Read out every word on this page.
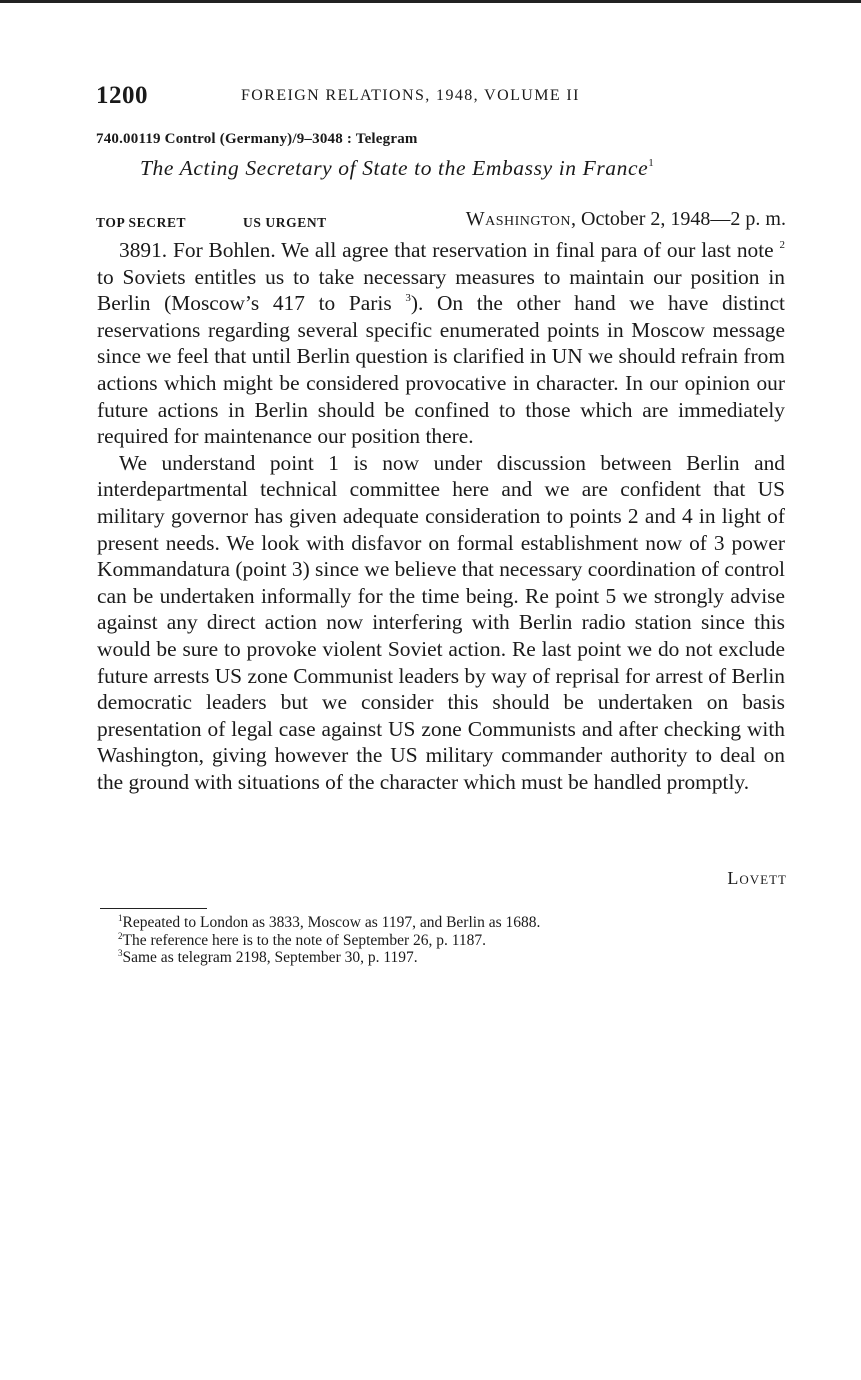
1200	FOREIGN RELATIONS, 1948, VOLUME II
740.00119 Control (Germany)/9–3048 : Telegram
The Acting Secretary of State to the Embassy in France$^1$
TOP SECRET	US URGENT	Washington, October 2, 1948—2 p. m.

3891. For Bohlen. We all agree that reservation in final para of our last note $^2$ to Soviets entitles us to take necessary measures to maintain our position in Berlin (Moscow’s 417 to Paris $^3$). On the other hand we have distinct reservations regarding several specific enumerated points in Moscow message since we feel that until Berlin question is clarified in UN we should refrain from actions which might be considered provocative in character. In our opinion our future actions in Berlin should be confined to those which are immediately required for maintenance our position there.

We understand point 1 is now under discussion between Berlin and interdepartmental technical committee here and we are confident that US military governor has given adequate consideration to points 2 and 4 in light of present needs. We look with disfavor on formal establishment now of 3 power Kommandatura (point 3) since we believe that necessary coordination of control can be undertaken informally for the time being. Re point 5 we strongly advise against any direct action now interfering with Berlin radio station since this would be sure to provoke violent Soviet action. Re last point we do not exclude future arrests US zone Communist leaders by way of reprisal for arrest of Berlin democratic leaders but we consider this should be undertaken on basis presentation of legal case against US zone Communists and after checking with Washington, giving however the US military commander authority to deal on the ground with situations of the character which must be handled promptly.

Lovett

$^1$Repeated to London as 3833, Moscow as 1197, and Berlin as 1688.

$^2$The reference here is to the note of September 26, p. 1187.

$^3$Same as telegram 2198, September 30, p. 1197.
